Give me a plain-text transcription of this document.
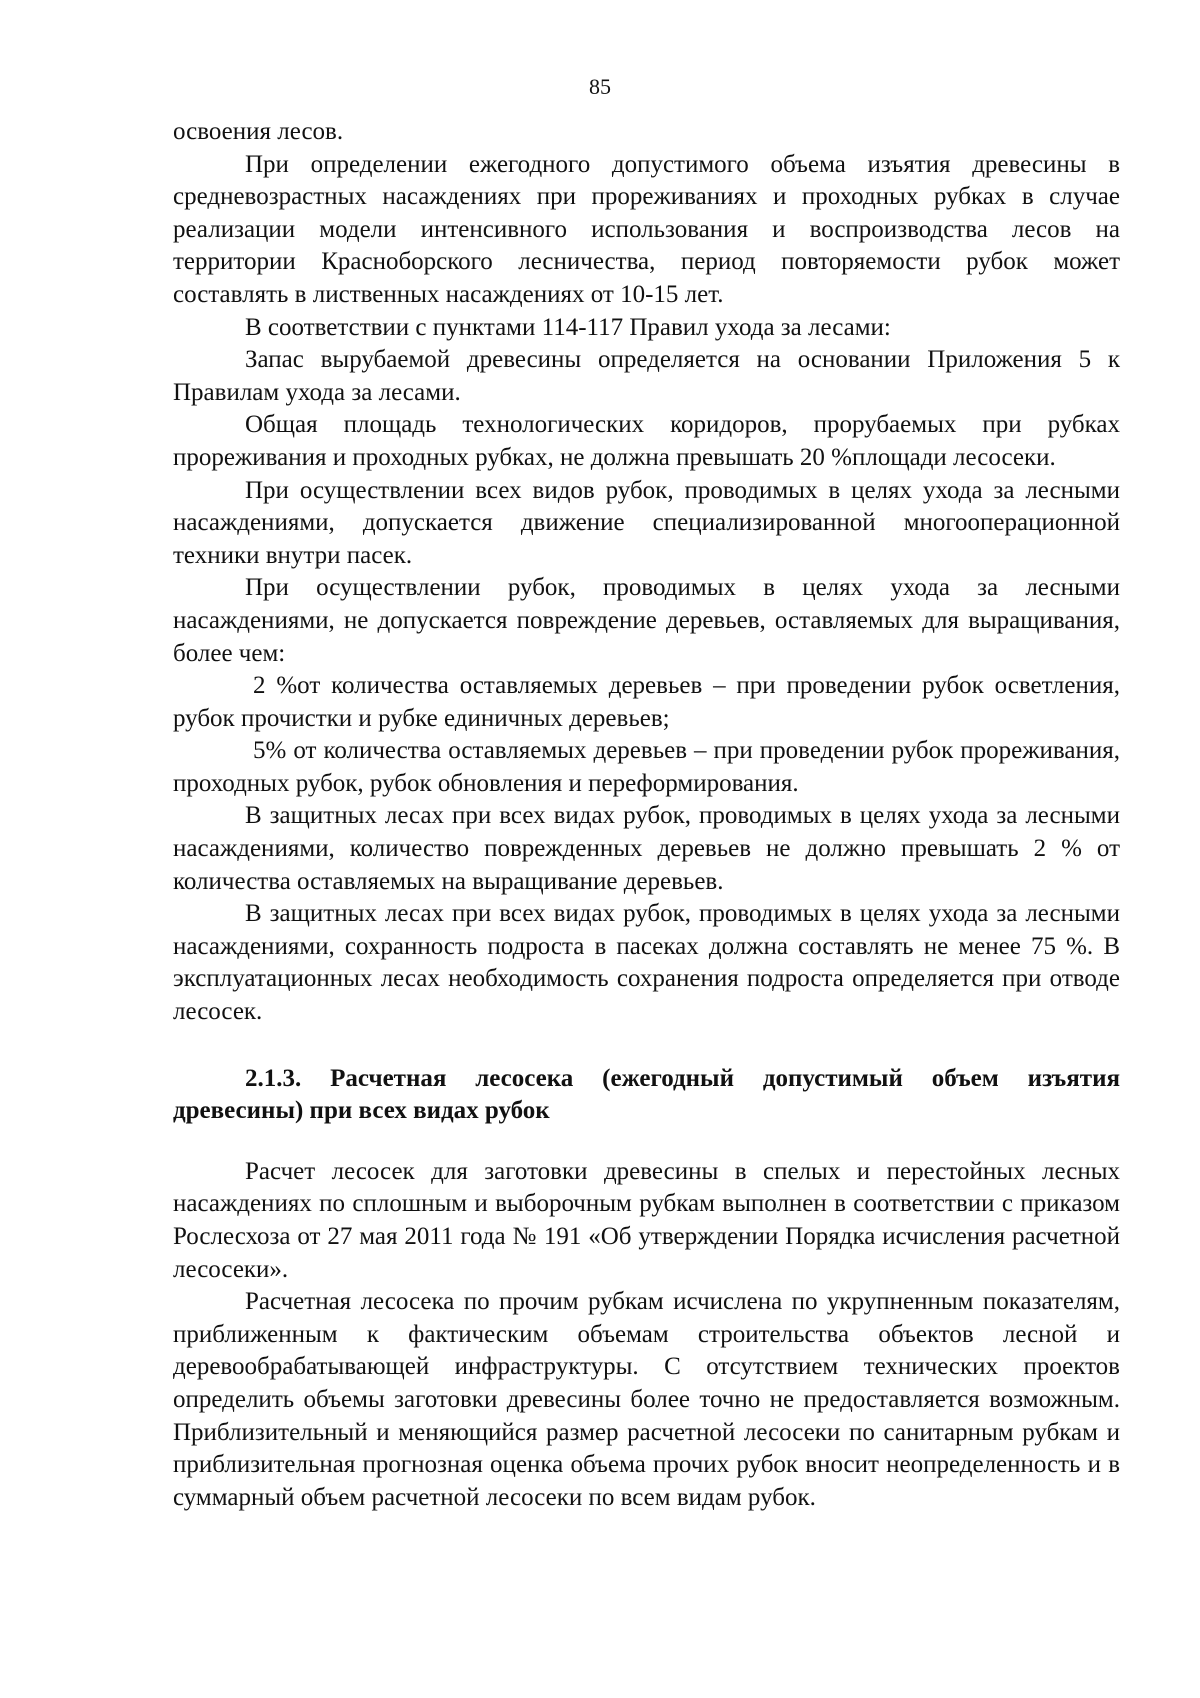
85

освоения лесов.

При определении ежегодного допустимого объема изъятия древесины в средневозрастных насаждениях при прореживаниях и проходных рубках в случае реализации модели интенсивного использования и воспроизводства лесов на территории Красноборского лесничества, период повторяемости рубок может составлять в лиственных насаждениях от 10-15 лет.

В соответствии с пунктами 114-117 Правил ухода за лесами:

Запас вырубаемой древесины определяется на основании Приложения 5 к Правилам ухода за лесами.

Общая площадь технологических коридоров, прорубаемых при рубках прореживания и проходных рубках, не должна превышать 20 %площади лесосеки.

При осуществлении всех видов рубок, проводимых в целях ухода за лесными насаждениями, допускается движение специализированной многооперационной техники внутри пасек.

При осуществлении рубок, проводимых в целях ухода за лесными насаждениями, не допускается повреждение деревьев, оставляемых для выращивания, более чем:

2 %от количества оставляемых деревьев – при проведении рубок осветления, рубок прочистки и рубке единичных деревьев;

5% от количества оставляемых деревьев – при проведении рубок прореживания, проходных рубок, рубок обновления и переформирования.

В защитных лесах при всех видах рубок, проводимых в целях ухода за лесными насаждениями, количество поврежденных деревьев не должно превышать 2 % от количества оставляемых на выращивание деревьев.

В защитных лесах при всех видах рубок, проводимых в целях ухода за лесными насаждениями, сохранность подроста в пасеках должна составлять не менее 75 %. В эксплуатационных лесах необходимость сохранения подроста определяется при отводе лесосек.

2.1.3. Расчетная лесосека (ежегодный допустимый объем изъятия древесины) при всех видах рубок

Расчет лесосек для заготовки древесины в спелых и перестойных лесных насаждениях по сплошным и выборочным рубкам выполнен в соответствии с приказом Рослесхоза от 27 мая 2011 года № 191 «Об утверждении Порядка исчисления расчетной лесосеки».

Расчетная лесосека по прочим рубкам исчислена по укрупненным показателям, приближенным к фактическим объемам строительства объектов лесной и деревообрабатывающей инфраструктуры. С отсутствием технических проектов определить объемы заготовки древесины более точно не предоставляется возможным. Приблизительный и меняющийся размер расчетной лесосеки по санитарным рубкам и приблизительная прогнозная оценка объема прочих рубок вносит неопределенность и в суммарный объем расчетной лесосеки по всем видам рубок.
